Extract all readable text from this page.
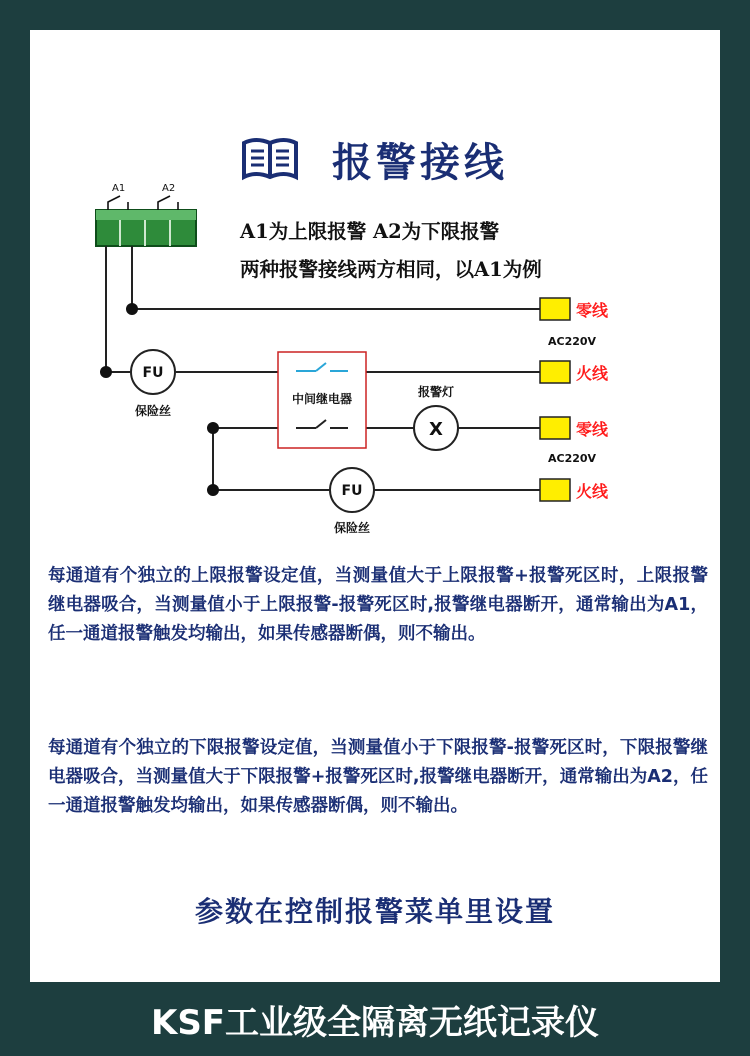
报警接线
A1为上限报警 A2为下限报警
两种报警接线两方相同，以A1为例
A1	A2
FU
保险丝
中间继电器	报警灯
X
FU
保险丝
零线
火线
零线
火线
AC220V
AC220V
每通道有个独立的上限报警设定值，当测量值大于上限报警+报警死区时，上限报警继电器吸合，当测量值小于上限报警-报警死区时,报警继电器断开，通常输出为A1，任一通道报警触发均输出，如果传感器断偶，则不输出。
每通道有个独立的下限报警设定值，当测量值小于下限报警-报警死区时，下限报警继电器吸合，当测量值大于下限报警+报警死区时,报警继电器断开，通常输出为A2，任一通道报警触发均输出，如果传感器断偶，则不输出。
参数在控制报警菜单里设置
KSF工业级全隔离无纸记录仪
